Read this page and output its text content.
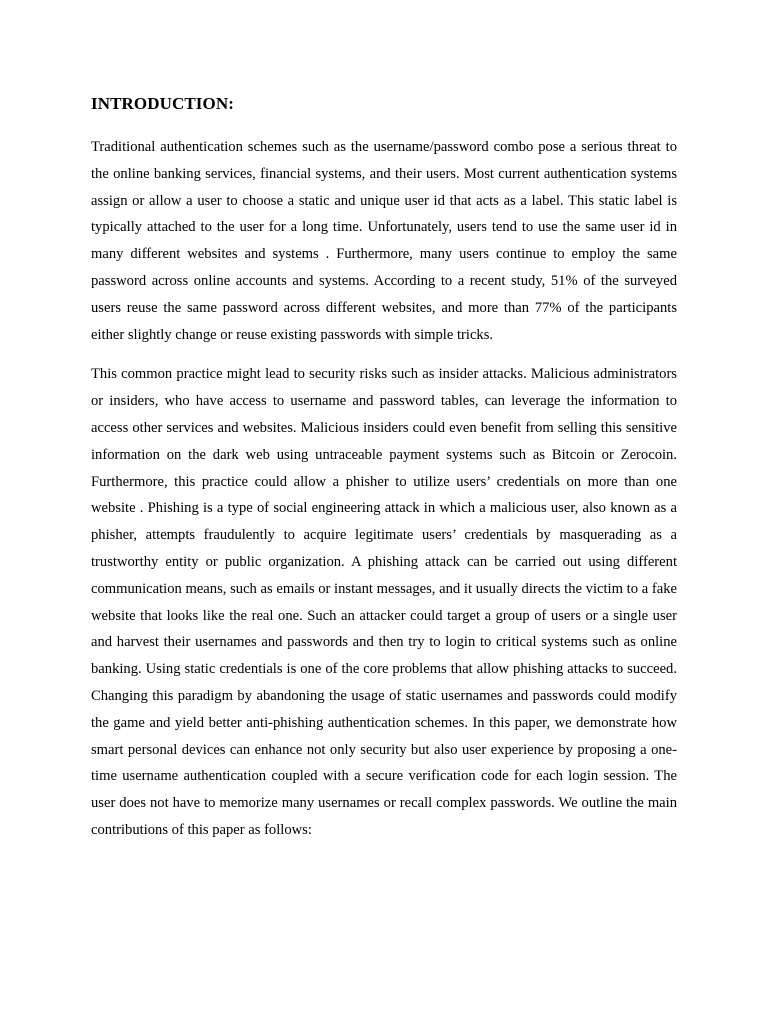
INTRODUCTION:

Traditional authentication schemes such as the username/password combo pose a serious threat to the online banking services, financial systems, and their users. Most current authentication systems assign or allow a user to choose a static and unique user id that acts as a label. This static label is typically attached to the user for a long time. Unfortunately, users tend to use the same user id in many different websites and systems . Furthermore, many users continue to employ the same password across online accounts and systems. According to a recent study, 51% of the surveyed users reuse the same password across different websites, and more than 77% of the participants either slightly change or reuse existing passwords with simple tricks.

This common practice might lead to security risks such as insider attacks. Malicious administrators or insiders, who have access to username and password tables, can leverage the information to access other services and websites. Malicious insiders could even benefit from selling this sensitive information on the dark web using untraceable payment systems such as Bitcoin or Zerocoin. Furthermore, this practice could allow a phisher to utilize users’ credentials on more than one website . Phishing is a type of social engineering attack in which a malicious user, also known as a phisher, attempts fraudulently to acquire legitimate users’ credentials by masquerading as a trustworthy entity or public organization. A phishing attack can be carried out using different communication means, such as emails or instant messages, and it usually directs the victim to a fake website that looks like the real one. Such an attacker could target a group of users or a single user and harvest their usernames and passwords and then try to login to critical systems such as online banking. Using static credentials is one of the core problems that allow phishing attacks to succeed. Changing this paradigm by abandoning the usage of static usernames and passwords could modify the game and yield better anti-phishing authentication schemes. In this paper, we demonstrate how smart personal devices can enhance not only security but also user experience by proposing a one-time username authentication coupled with a secure verification code for each login session. The user does not have to memorize many usernames or recall complex passwords. We outline the main contributions of this paper as follows:
